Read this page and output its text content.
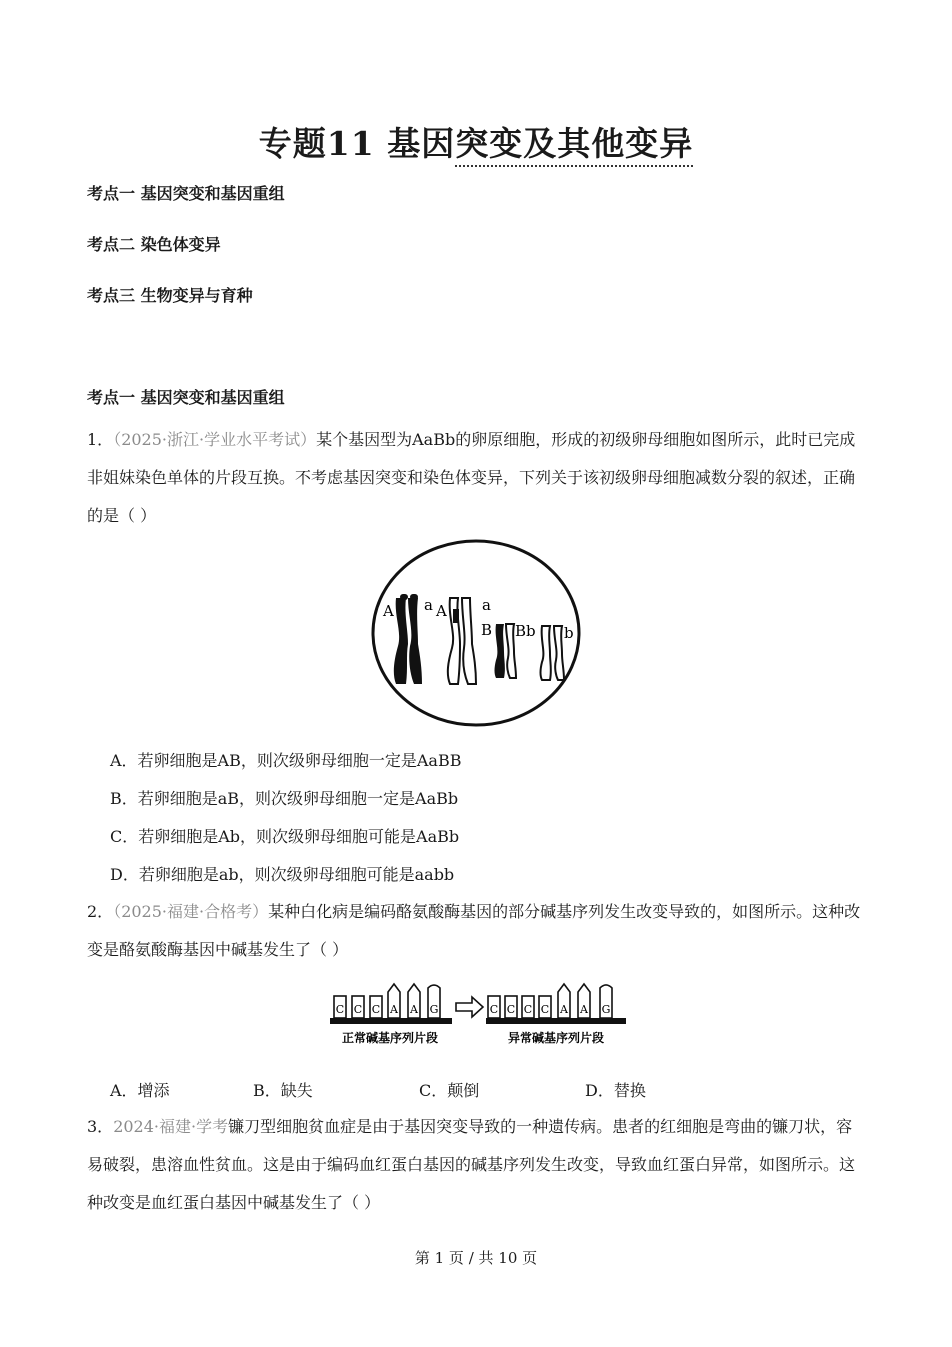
专题11 基因突变及其他变异
考点一 基因突变和基因重组
考点二 染色体变异
考点三 生物变异与育种
考点一 基因突变和基因重组
1．（2025·浙江·学业水平考试）某个基因型为AaBb的卵原细胞，形成的初级卵母细胞如图所示，此时已完成非姐妹染色单体的片段互换。不考虑基因突变和染色体变异，下列关于该初级卵母细胞减数分裂的叙述，正确的是（ ）
A a A a
B Bb b
A．若卵细胞是AB，则次级卵母细胞一定是AaBB
B．若卵细胞是aB，则次级卵母细胞一定是AaBb
C．若卵细胞是Ab，则次级卵母细胞可能是AaBb
D．若卵细胞是ab，则次级卵母细胞可能是aabb
2．（2025·福建·合格考）某种白化病是编码酪氨酸酶基因的部分碱基序列发生改变导致的，如图所示。这种改变是酪氨酸酶基因中碱基发生了（ ）
C C C A A G	C C C C A A G
正常碱基序列片段	异常碱基序列片段
A．增添	B．缺失	C．颠倒	D．替换
3．2024·福建·学考镰刀型细胞贫血症是由于基因突变导致的一种遗传病。患者的红细胞是弯曲的镰刀状，容易破裂，患溶血性贫血。这是由于编码血红蛋白基因的碱基序列发生改变，导致血红蛋白异常，如图所示。这种改变是血红蛋白基因中碱基发生了（ ）
第 1 页 / 共 10 页
